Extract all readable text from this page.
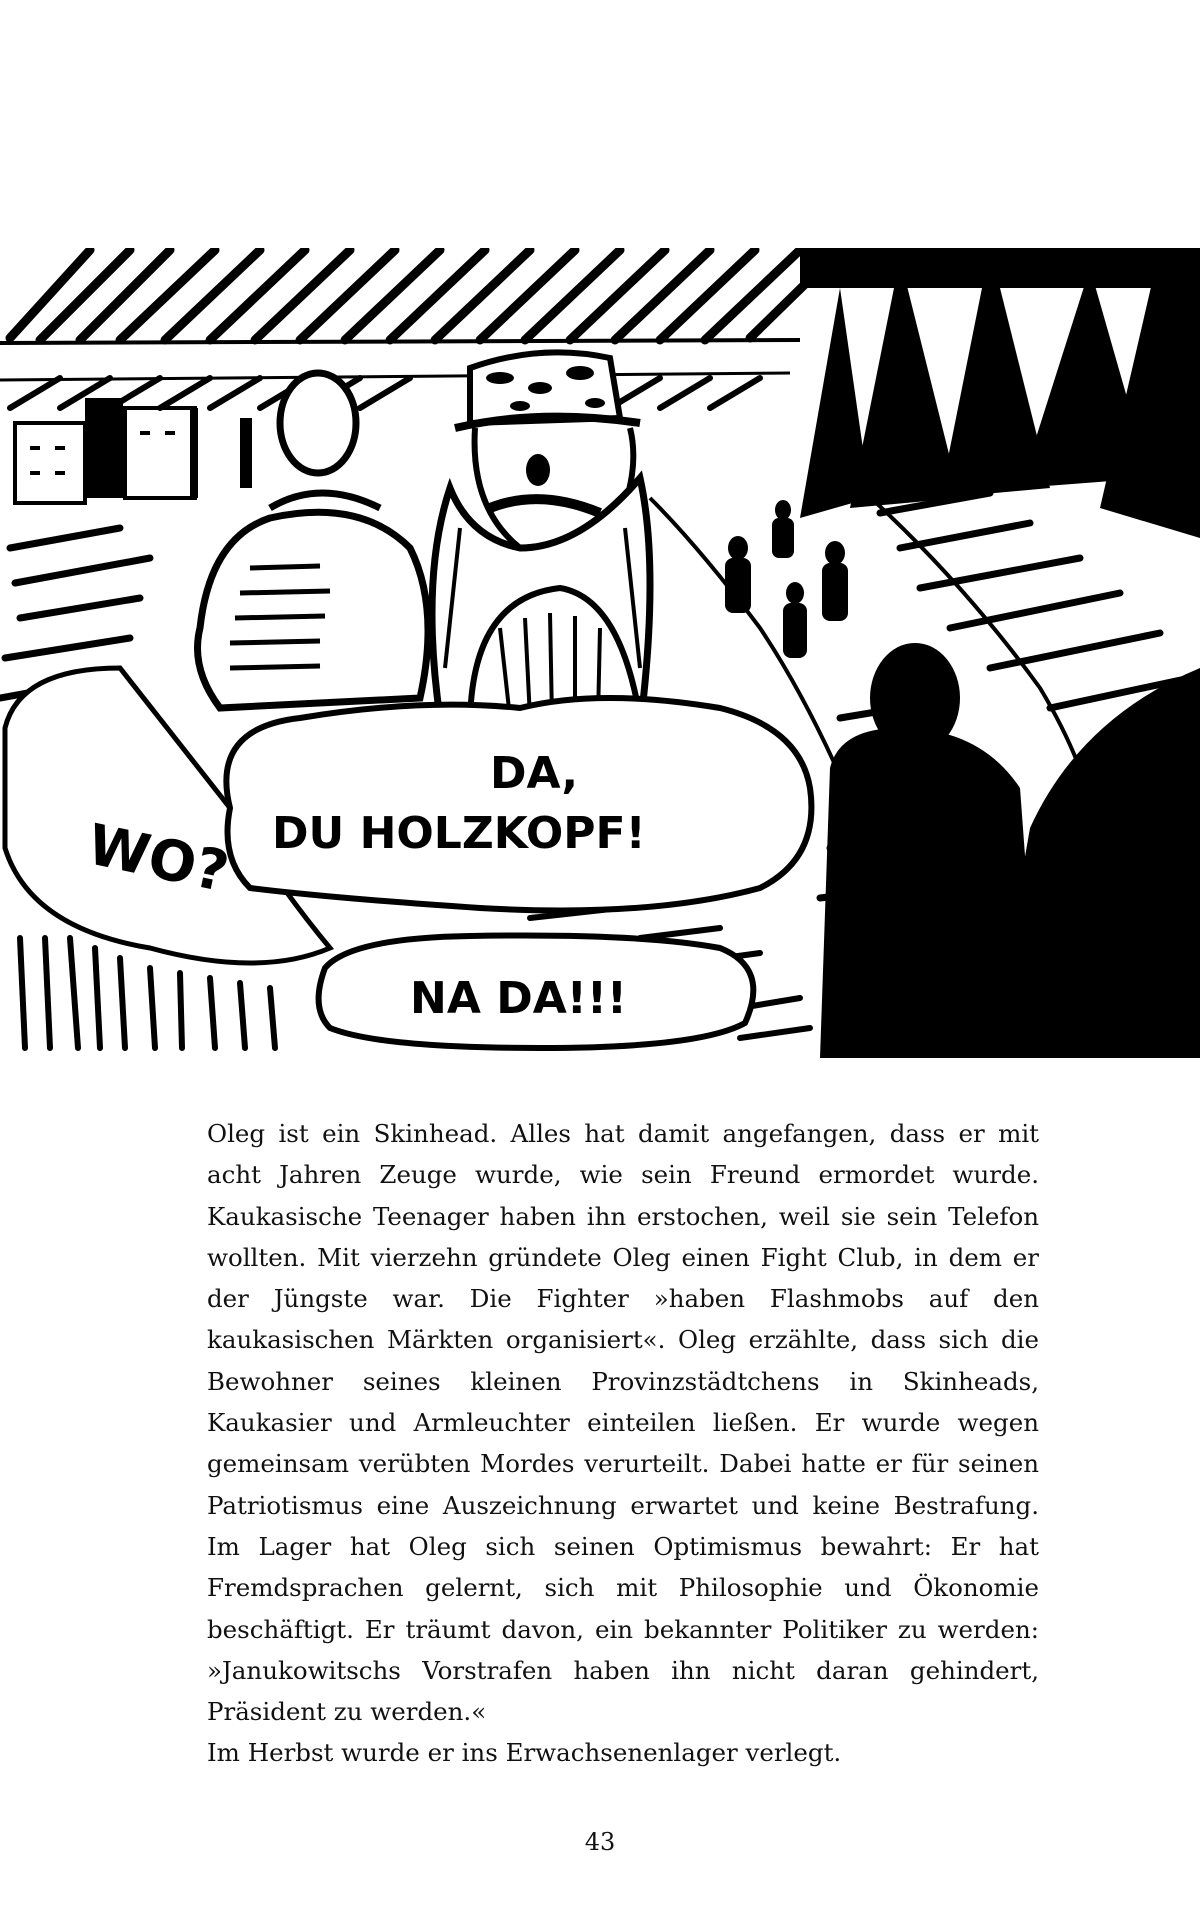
DA,
DU HOLZKOPF!
WO?
NA DA!!!

Oleg ist ein Skinhead. Alles hat damit angefangen, dass er mit acht Jahren Zeuge wurde, wie sein Freund ermordet wurde. Kaukasische Teenager haben ihn erstochen, weil sie sein Telefon wollten. Mit vierzehn gründete Oleg einen Fight Club, in dem er der Jüngste war. Die Fighter »haben Flashmobs auf den kaukasischen Märkten organisiert«. Oleg erzählte, dass sich die Bewohner seines kleinen Provinzstädtchens in Skinheads, Kaukasier und Armleuchter einteilen ließen. Er wurde wegen gemeinsam verübten Mordes verurteilt. Dabei hatte er für seinen Patriotismus eine Auszeichnung erwartet und keine Bestrafung. Im Lager hat Oleg sich seinen Optimismus bewahrt: Er hat Fremdsprachen gelernt, sich mit Philosophie und Ökonomie beschäftigt. Er träumt davon, ein bekannter Politiker zu werden: »Janukowitschs Vorstrafen haben ihn nicht daran gehindert, Präsident zu werden.«

Im Herbst wurde er ins Erwachsenenlager verlegt.

43
